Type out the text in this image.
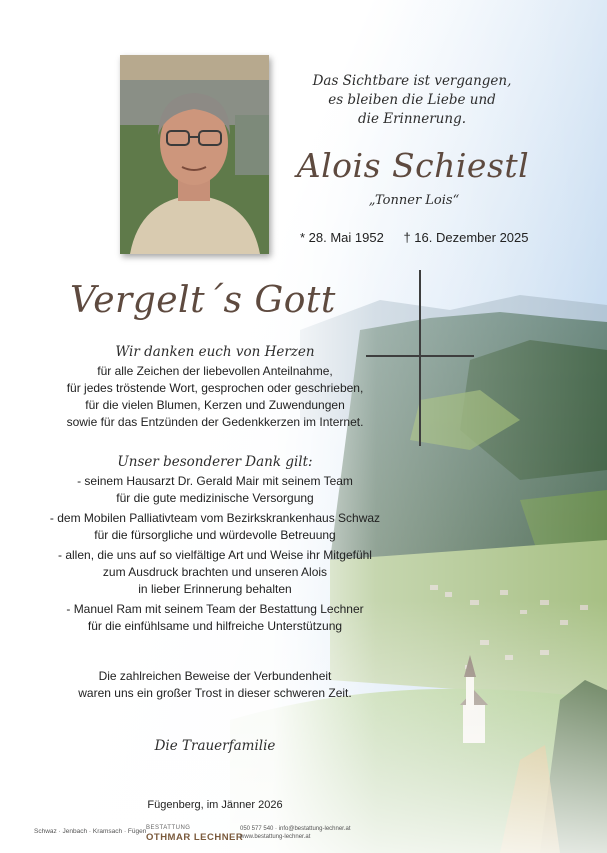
Das Sichtbare ist vergangen,
es bleiben die Liebe und
die Erinnerung.
Alois Schiestl
„Tonner Lois“
* 28. Mai 1952 † 16. Dezember 2025
Vergelt´s Gott
Wir danken euch von Herzen
für alle Zeichen der liebevollen Anteilnahme,
für jedes tröstende Wort, gesprochen oder geschrieben,
für die vielen Blumen, Kerzen und Zuwendungen
sowie für das Entzünden der Gedenkkerzen im Internet.
Unser besonderer Dank gilt:
- seinem Hausarzt Dr. Gerald Mair mit seinem Team
für die gute medizinische Versorgung
- dem Mobilen Palliativteam vom Bezirkskrankenhaus Schwaz
für die fürsorgliche und würdevolle Betreuung
- allen, die uns auf so vielfältige Art und Weise ihr Mitgefühl
zum Ausdruck brachten und unseren Alois
in lieber Erinnerung behalten
- Manuel Ram mit seinem Team der Bestattung Lechner
für die einfühlsame und hilfreiche Unterstützung
Die zahlreichen Beweise der Verbundenheit
waren uns ein großer Trost in dieser schweren Zeit.
Die Trauerfamilie
Fügenberg, im Jänner 2026
Schwaz · Jenbach · Kramsach · Fügen BESTATTUNG
OTHMAR LECHNER
050 577 540 · info@bestattung-lechner.at
www.bestattung-lechner.at
